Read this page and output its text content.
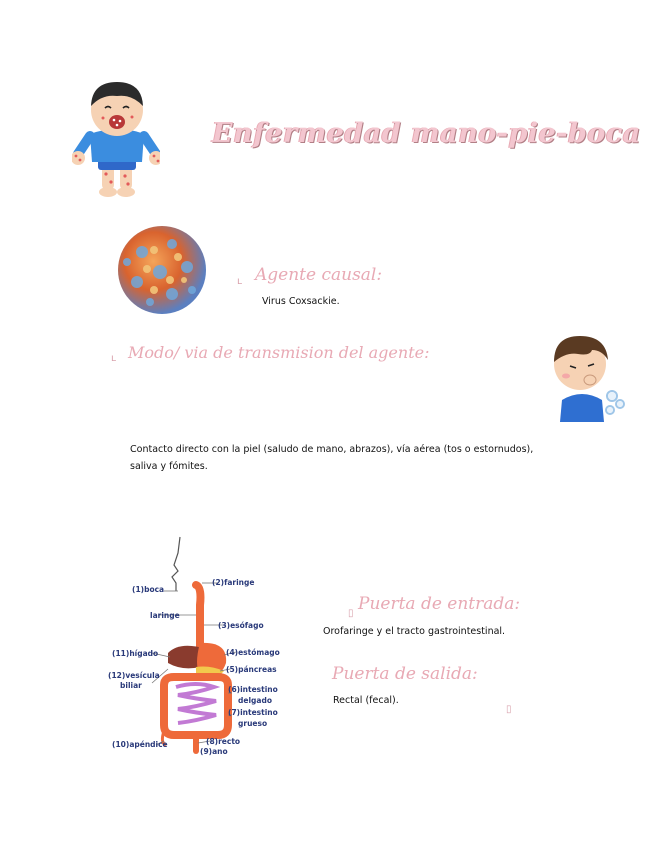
Enfermedad mano-pie-boca
ʟ Agente causal:
Virus Coxsackie.
ʟ Modo/ via de transmision del agente:
Contacto directo con la piel (saludo de mano, abrazos), vía aérea (tos o estornudos),
saliva y fómites.
(1)boca
(2)faringe
laringe
(3)esófago
(4)estómago
(11)hígado
(5)páncreas
(12)vesícula
biliar	(6)intestino
delgado
(7)intestino
grueso
(10)apéndice	(8)recto
(9)ano
▯ Puerta de entrada:
Orofaringe y el tracto gastrointestinal.
Puerta de salida:
Rectal (fecal).
▯
